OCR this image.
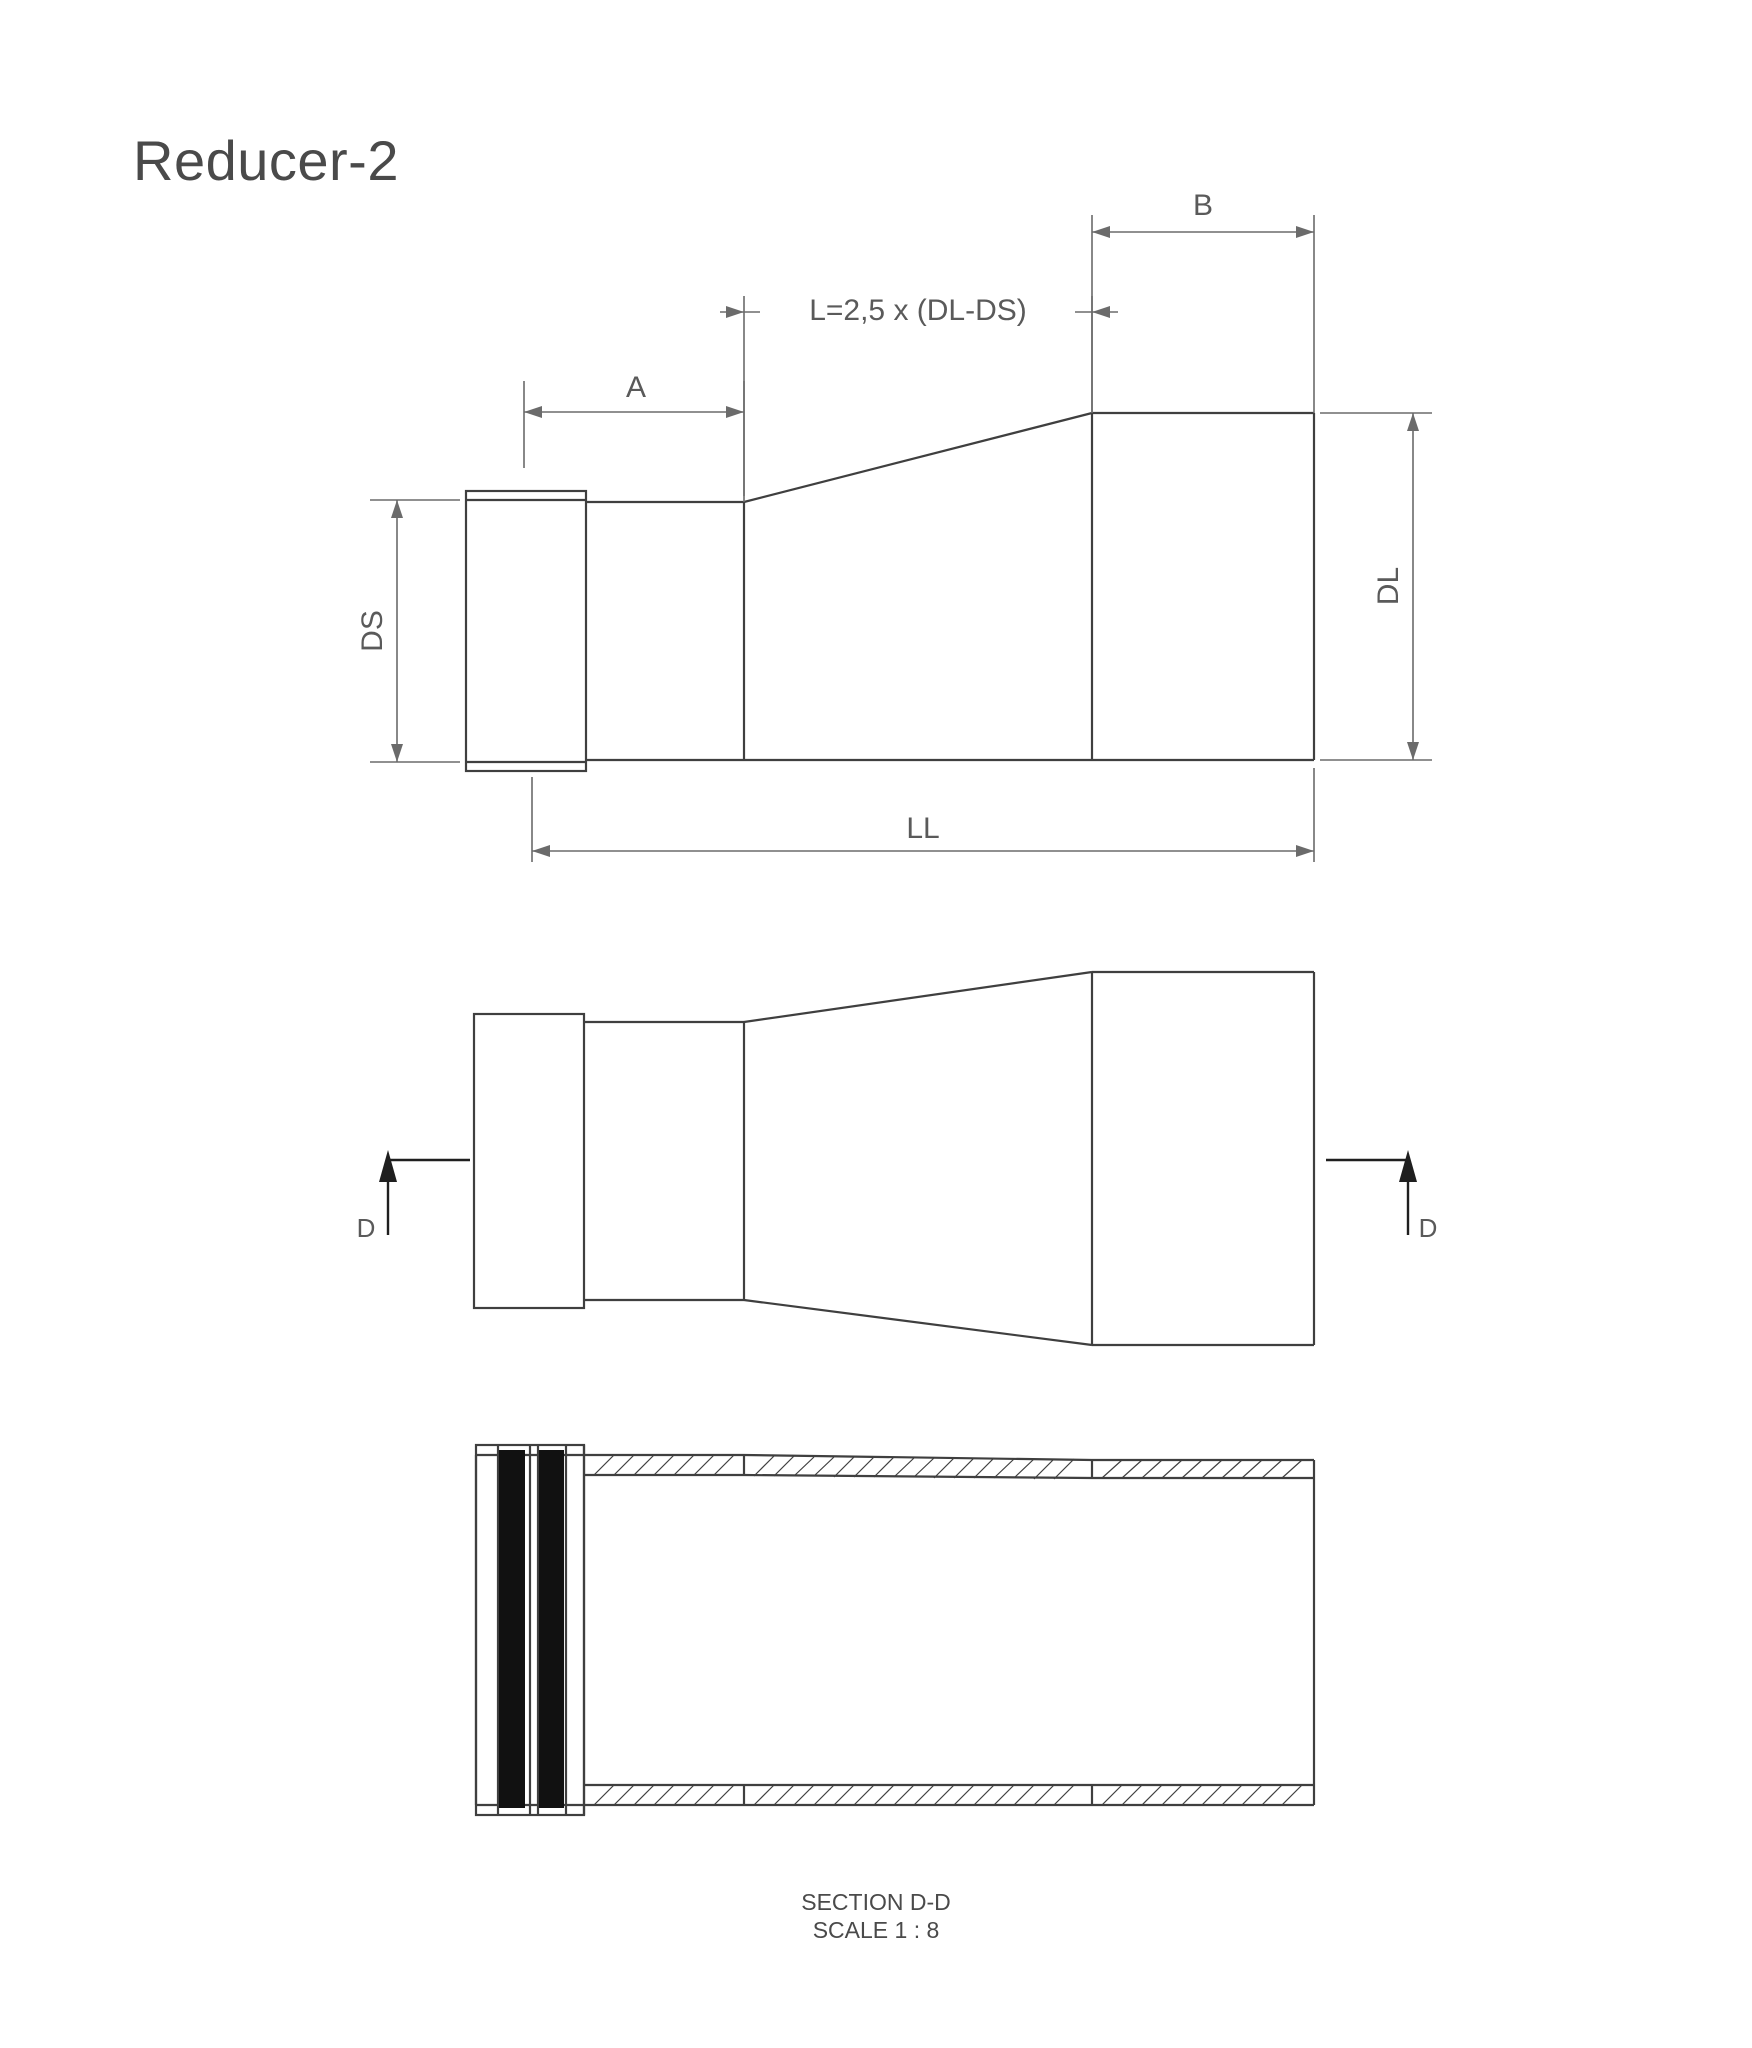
Reducer-2
B
L=2,5 x (DL-DS)
A
DS
DL
LL
D	D
SECTION D-D
SCALE 1 : 8
